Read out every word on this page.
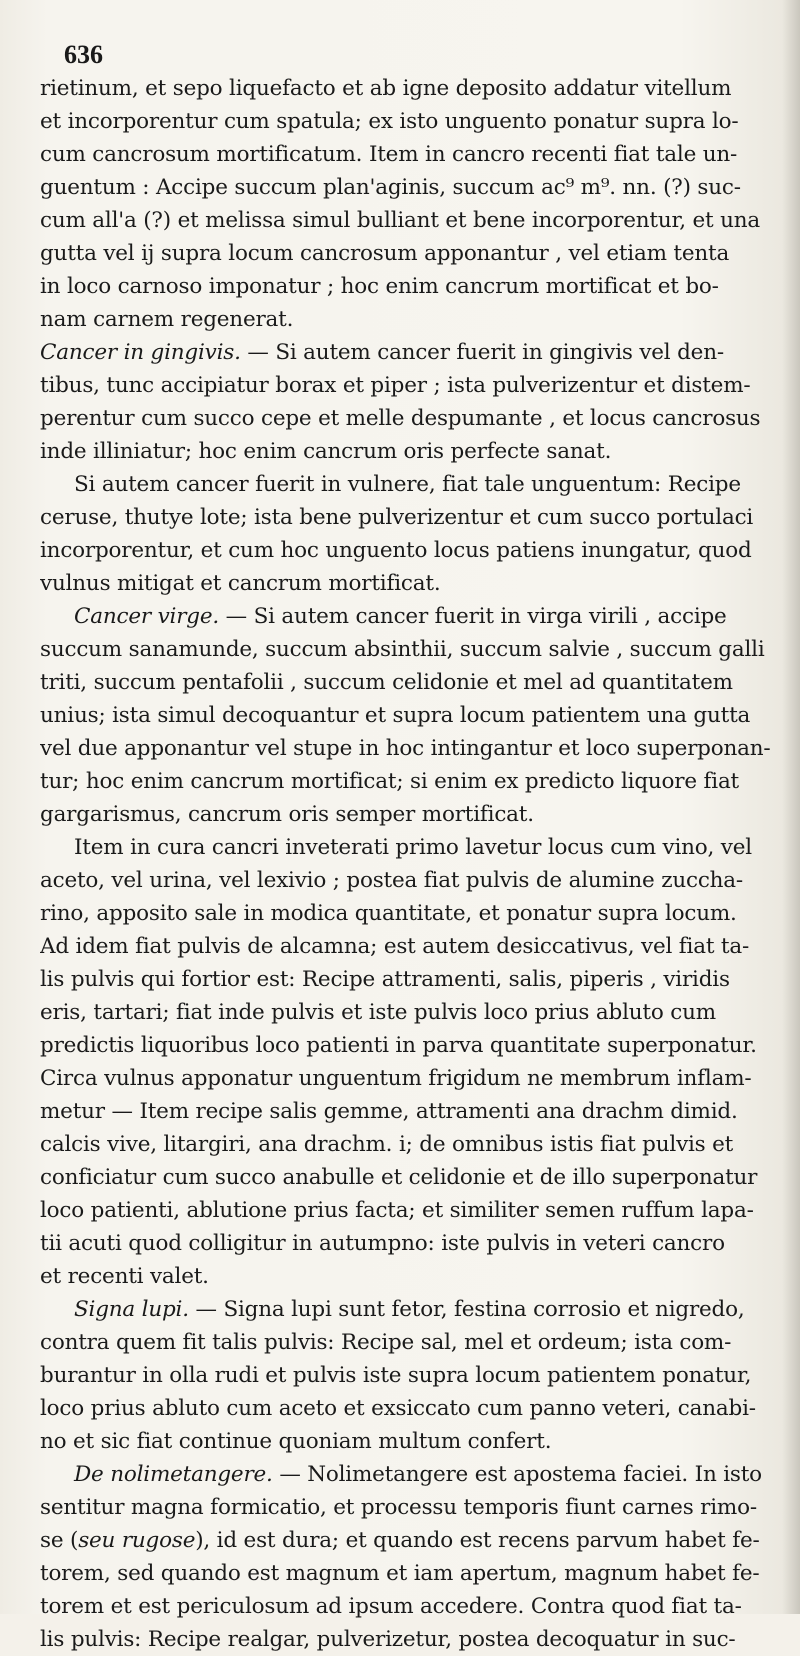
636
rietinum, et sepo liquefacto et ab igne deposito addatur vitellum
et incorporentur cum spatula; ex isto unguento ponatur supra lo-
cum cancrosum mortificatum. Item in cancro recenti fiat tale un-
guentum : Accipe succum plan'aginis, succum ac⁹ m⁹. nn. (?) suc-
cum all'a (?) et melissa simul bulliant et bene incorporentur, et una
gutta vel ij supra locum cancrosum apponantur , vel etiam tenta
in loco carnoso imponatur ; hoc enim cancrum mortificat et bo-
nam carnem regenerat.
Cancer in gingivis. — Si autem cancer fuerit in gingivis vel den-
tibus, tunc accipiatur borax et piper ; ista pulverizentur et distem-
perentur cum succo cepe et melle despumante , et locus cancrosus
inde illiniatur; hoc enim cancrum oris perfecte sanat.
Si autem cancer fuerit in vulnere, fiat tale unguentum: Recipe
ceruse, thutye lote; ista bene pulverizentur et cum succo portulaci
incorporentur, et cum hoc unguento locus patiens inungatur, quod
vulnus mitigat et cancrum mortificat.
Cancer virge. — Si autem cancer fuerit in virga virili , accipe
succum sanamunde, succum absinthii, succum salvie , succum galli
triti, succum pentafolii , succum celidonie et mel ad quantitatem
unius; ista simul decoquantur et supra locum patientem una gutta
vel due apponantur vel stupe in hoc intingantur et loco superponan-
tur; hoc enim cancrum mortificat; si enim ex predicto liquore fiat
gargarismus, cancrum oris semper mortificat.
Item in cura cancri inveterati primo lavetur locus cum vino, vel
aceto, vel urina, vel lexivio ; postea fiat pulvis de alumine zuccha-
rino, apposito sale in modica quantitate, et ponatur supra locum.
Ad idem fiat pulvis de alcamna; est autem desiccativus, vel fiat ta-
lis pulvis qui fortior est: Recipe attramenti, salis, piperis , viridis
eris, tartari; fiat inde pulvis et iste pulvis loco prius abluto cum
predictis liquoribus loco patienti in parva quantitate superponatur.
Circa vulnus apponatur unguentum frigidum ne membrum inflam-
metur — Item recipe salis gemme, attramenti ana drachm dimid.
calcis vive, litargiri, ana drachm. i; de omnibus istis fiat pulvis et
conficiatur cum succo anabulle et celidonie et de illo superponatur
loco patienti, ablutione prius facta; et similiter semen ruffum lapa-
tii acuti quod colligitur in autumpno: iste pulvis in veteri cancro
et recenti valet.
Signa lupi. — Signa lupi sunt fetor, festina corrosio et nigredo,
contra quem fit talis pulvis: Recipe sal, mel et ordeum; ista com-
burantur in olla rudi et pulvis iste supra locum patientem ponatur,
loco prius abluto cum aceto et exsiccato cum panno veteri, canabi-
no et sic fiat continue quoniam multum confert.
De nolimetangere. — Nolimetangere est apostema faciei. In isto
sentitur magna formicatio, et processu temporis fiunt carnes rimo-
se (seu rugose), id est dura; et quando est recens parvum habet fe-
torem, sed quando est magnum et iam apertum, magnum habet fe-
torem et est periculosum ad ipsum accedere. Contra quod fiat ta-
lis pulvis: Recipe realgar, pulverizetur, postea decoquatur in suc-
